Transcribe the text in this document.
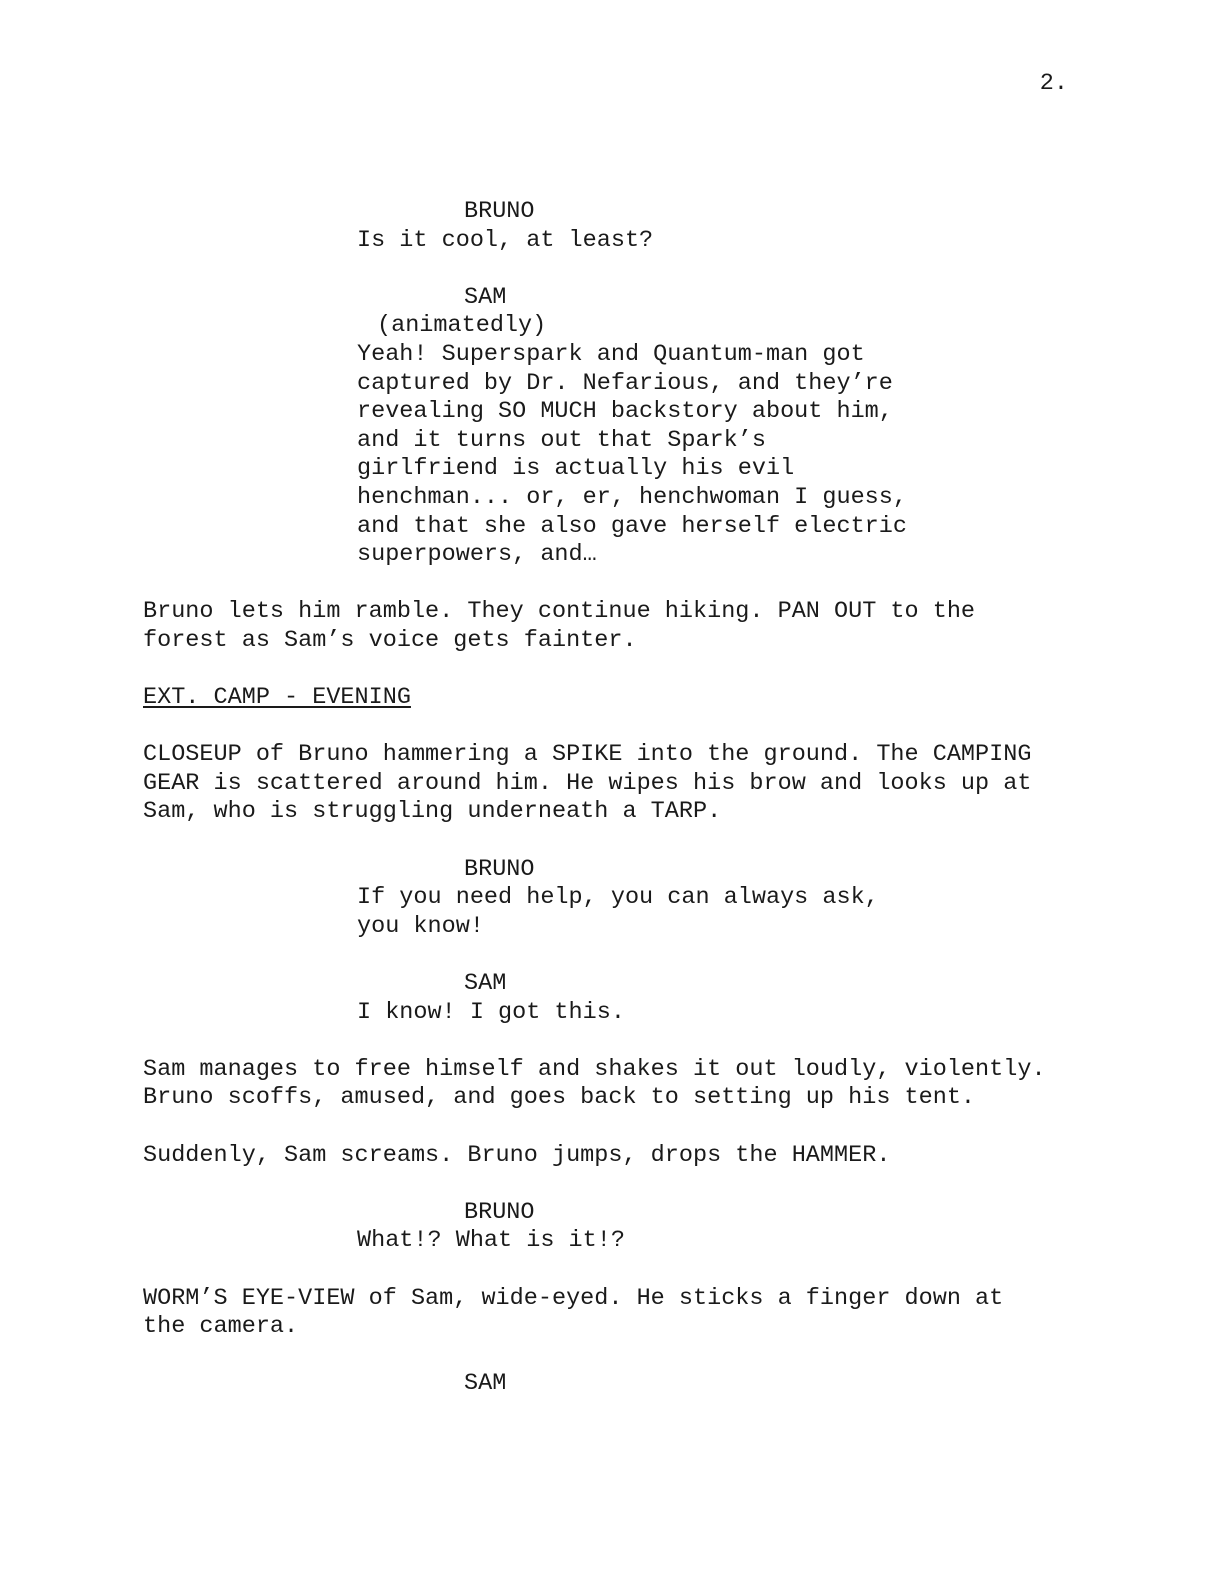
2.
BRUNO
Is it cool, at least?
SAM
(animatedly)
Yeah! Superspark and Quantum-man got
captured by Dr. Nefarious, and they’re
revealing SO MUCH backstory about him,
and it turns out that Spark’s
girlfriend is actually his evil
henchman... or, er, henchwoman I guess,
and that she also gave herself electric
superpowers, and…
Bruno lets him ramble. They continue hiking. PAN OUT to the
forest as Sam’s voice gets fainter.
EXT. CAMP - EVENING
CLOSEUP of Bruno hammering a SPIKE into the ground. The CAMPING
GEAR is scattered around him. He wipes his brow and looks up at
Sam, who is struggling underneath a TARP.
BRUNO
If you need help, you can always ask,
you know!
SAM
I know! I got this.
Sam manages to free himself and shakes it out loudly, violently.
Bruno scoffs, amused, and goes back to setting up his tent.
Suddenly, Sam screams. Bruno jumps, drops the HAMMER.
BRUNO
What!? What is it!?
WORM’S EYE-VIEW of Sam, wide-eyed. He sticks a finger down at
the camera.
SAM
